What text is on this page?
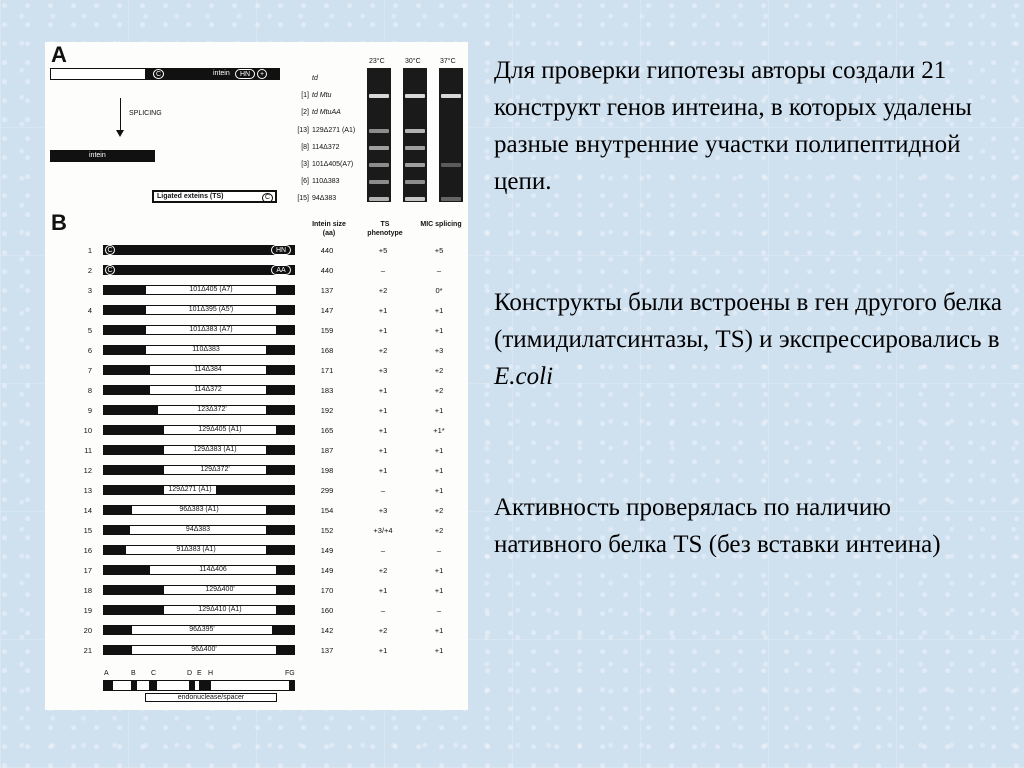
A
C	intein	HN	+
SPLICING
intein
Ligated exteins (TS)	C
td
[1] td Mtu
[2] td MtuAA
[13] 129Δ271 (A1)
[8] 114Δ372
[3] 101Δ405(A7)
[6] 110Δ383
[15] 94Δ383
23°C	30°C	37°C
B	Intein size (aa)
TS phenotype
MIC splicing
1	C	HN	440	+5	+5
2	C	AA	440	–	–
3	101Δ405 (A7)	137	+2	0*
4	101Δ395 (A5')	147	+1	+1
5	101Δ383 (A7)	159	+1	+1
6	110Δ383	168	+2	+3
7	114Δ384	171	+3	+2
8	114Δ372	183	+1	+2
9	123Δ372'	192	+1	+1
10	129Δ405 (A1)	165	+1	+1*
11	129Δ383 (A1)	187	+1	+1
12	129Δ372'	198	+1	+1
13	129Δ271 (A1)	299	–	+1
14	96Δ383 (A1)	154	+3	+2
15	94Δ383	152	+3/+4	+2
16	91Δ383 (A1)	149	–	–
17	114Δ406	149	+2	+1
18	129Δ400'	170	+1	+1
19	129Δ410 (A1)	160	–	–
20	96Δ395'	142	+2	+1
21	96Δ400'	137	+1	+1
A	B C	D E H	FG
endonuclease/spacer

Для проверки гипотезы авторы создали 21 конструкт генов интеина, в которых удалены разные внутренние участки полипептидной цепи.

Конструкты были встроены в ген другого белка (тимидилатсинтазы, TS) и экспрессировались в E.coli

Активность проверялась по наличию нативного белка TS (без вставки интеина)
